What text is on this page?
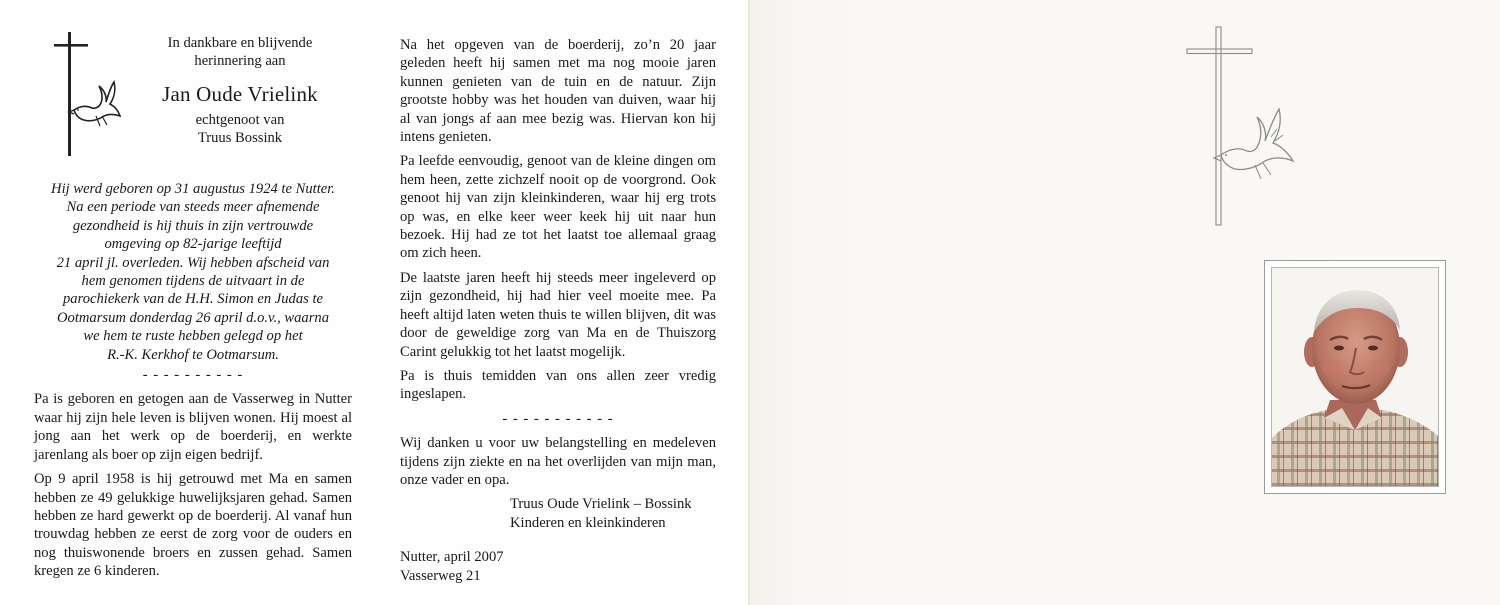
In dankbare en blijvende
herinnering aan
Jan Oude Vrielink
echtgenoot van
Truus Bossink
Hij werd geboren op 31 augustus 1924 te Nutter.
Na een periode van steeds meer afnemende
gezondheid is hij thuis in zijn vertrouwde
omgeving op 82-jarige leeftijd
21 april jl. overleden. Wij hebben afscheid van
hem genomen tijdens de uitvaart in de
parochiekerk van de H.H. Simon en Judas te
Ootmarsum donderdag 26 april d.o.v., waarna
we hem te ruste hebben gelegd op het
R.-K. Kerkhof te Ootmarsum.
- - - - - - - - - -

Pa is geboren en getogen aan de Vasserweg in Nutter waar hij zijn hele leven is blijven wonen. Hij moest al jong aan het werk op de boerderij, en werkte jarenlang als boer op zijn eigen bedrijf.

Op 9 april 1958 is hij getrouwd met Ma en samen hebben ze 49 gelukkige huwelijksjaren gehad. Samen hebben ze hard gewerkt op de boerderij. Al vanaf hun trouwdag hebben ze eerst de zorg voor de ouders en nog thuiswonende broers en zussen gehad. Samen kregen ze 6 kinderen.

Na het opgeven van de boerderij, zo’n 20 jaar geleden heeft hij samen met ma nog mooie jaren kunnen genieten van de tuin en de natuur. Zijn grootste hobby was het houden van duiven, waar hij al van jongs af aan mee bezig was. Hiervan kon hij intens genieten.

Pa leefde eenvoudig, genoot van de kleine dingen om hem heen, zette zichzelf nooit op de voorgrond. Ook genoot hij van zijn kleinkinderen, waar hij erg trots op was, en elke keer weer keek hij uit naar hun bezoek. Hij had ze tot het laatst toe allemaal graag om zich heen.

De laatste jaren heeft hij steeds meer ingeleverd op zijn gezondheid, hij had hier veel moeite mee. Pa heeft altijd laten weten thuis te willen blijven, dit was door de geweldige zorg van Ma en de Thuiszorg Carint gelukkig tot het laatst mogelijk.

Pa is thuis temidden van ons allen zeer vredig ingeslapen.

- - - - - - - - - - -

Wij danken u voor uw belangstelling en medeleven tijdens zijn ziekte en na het overlijden van mijn man, onze vader en opa.

Truus Oude Vrielink – Bossink
Kinderen en kleinkinderen
Nutter, april 2007
Vasserweg 21
